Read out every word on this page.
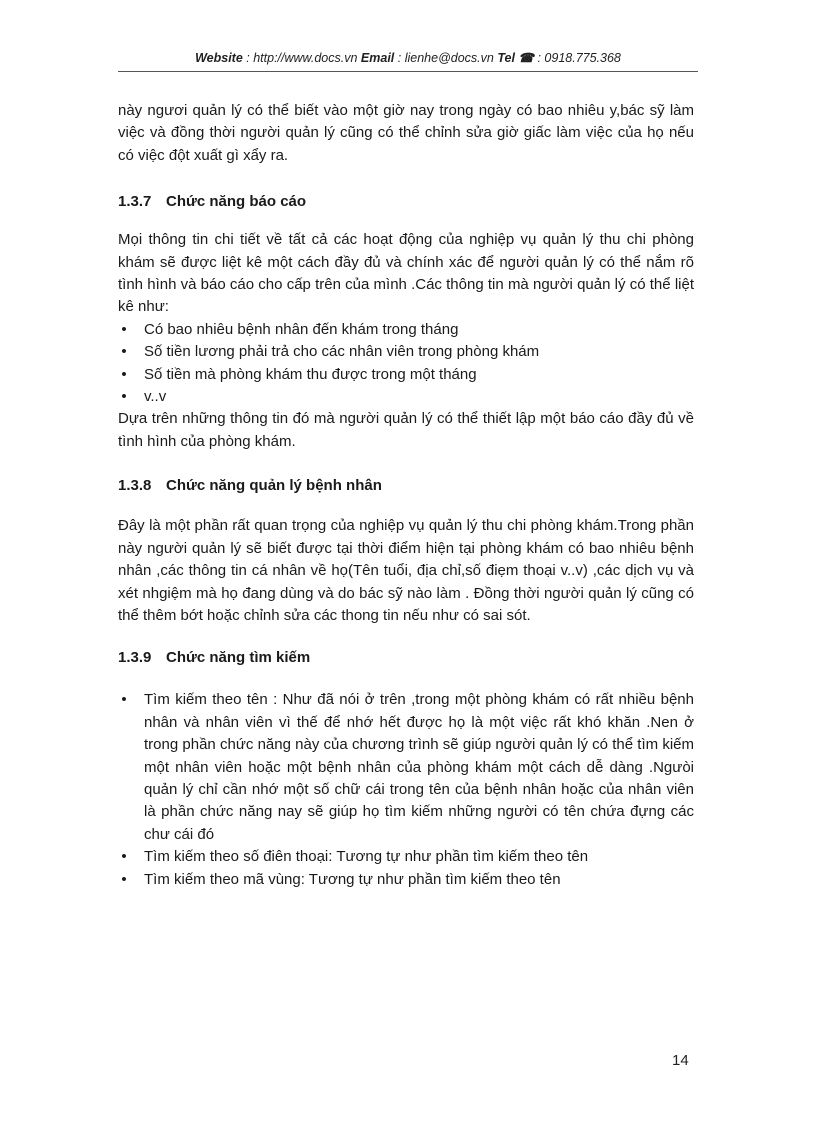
Website : http://www.docs.vn Email : lienhe@docs.vn Tel ☎ : 0918.775.368

này ngươi quản lý có thể biết vào một giờ nay trong ngày có bao nhiêu y,bác sỹ làm việc và đồng thời người quản lý cũng có thể chỉnh sửa giờ giấc làm việc của họ nếu có việc đột xuất gì xẩy ra.

1.3.7 Chức năng báo cáo

Mọi thông tin chi tiết về tất cả các hoạt động của nghiệp vụ quản lý thu chi phòng khám sẽ được liệt kê một cách đầy đủ và chính xác để người quản lý có thể nắm rõ tình hình và báo cáo cho cấp trên của mình .Các thông tin mà người quản lý có thể liệt kê như:

• Có bao nhiêu bệnh nhân đến khám trong tháng
• Số tiền lương phải trả cho các nhân viên trong phòng khám
• Số tiền mà phòng khám thu được trong một tháng
• v..v

Dựa trên những thông tin đó mà người quản lý có thể thiết lập một báo cáo đầy đủ về tình hình của phòng khám.

1.3.8 Chức năng quản lý bệnh nhân

Đây là một phần rất quan trọng của nghiệp vụ quản lý thu chi phòng khám.Trong phần này người quản lý sẽ biết được tại thời điểm hiện tại phòng khám có bao nhiêu bệnh nhân ,các thông tin cá nhân về họ(Tên tuổi, địa chỉ,số điẹm thoại v..v) ,các dịch vụ và xét nhgiệm mà họ đang dùng và do bác sỹ nào làm . Đồng thời người quản lý cũng có thể thêm bớt hoặc chỉnh sửa các thong tin nếu như có sai sót.

1.3.9 Chức năng tìm kiếm
• Tìm kiếm theo tên : Như đã nói ở trên ,trong một phòng khám có rất nhiều bệnh nhân và nhân viên vì thế để nhớ hết được họ là một việc rất khó khăn .Nen ở trong phần chức năng này của chương trình sẽ giúp người quản lý có thể tìm kiếm một nhân viên hoặc một bệnh nhân của phòng khám một cách dễ dàng .Ngưòi quản lý chỉ cần nhớ một số chữ cái trong tên của bệnh nhân hoặc của nhân viên là phần chức năng nay sẽ giúp họ tìm kiếm những người có tên chứa đựng các chư cái đó
• Tìm kiếm theo số điên thoại: Tương tự như phần tìm kiếm theo tên
• Tìm kiếm theo mã vùng: Tương tự như phần tìm kiếm theo tên
14
